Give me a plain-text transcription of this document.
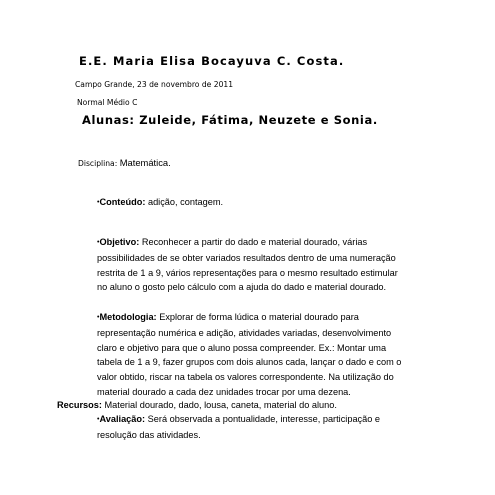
E.E. Maria Elisa Bocayuva C. Costa.
Campo Grande, 23 de novembro de 2011
Normal Médio C
Alunas: Zuleide, Fátima, Neuzete e Sonia.
Disciplina: Matemática.

•Conteúdo: adição, contagem.

•Objetivo: Reconhecer a partir do dado e material dourado, várias

possibilidades de se obter variados resultados dentro de uma numeração

restrita de 1 a 9, vários representações para o mesmo resultado estimular

no aluno o gosto pelo cálculo com a ajuda do dado e material dourado.

•Metodologia: Explorar de forma lúdica o material dourado para

representação numérica e adição, atividades variadas, desenvolvimento

claro e objetivo para que o aluno possa compreender. Ex.: Montar uma

tabela de 1 a 9, fazer grupos com dois alunos cada, lançar o dado e com o

valor obtido, riscar na tabela os valores correspondente. Na utilização do

material dourado a cada dez unidades trocar por uma dezena.

Recursos: Material dourado, dado, lousa, caneta, material do aluno.

•Avaliação: Será observada a pontualidade, interesse, participação e

resolução das atividades.
